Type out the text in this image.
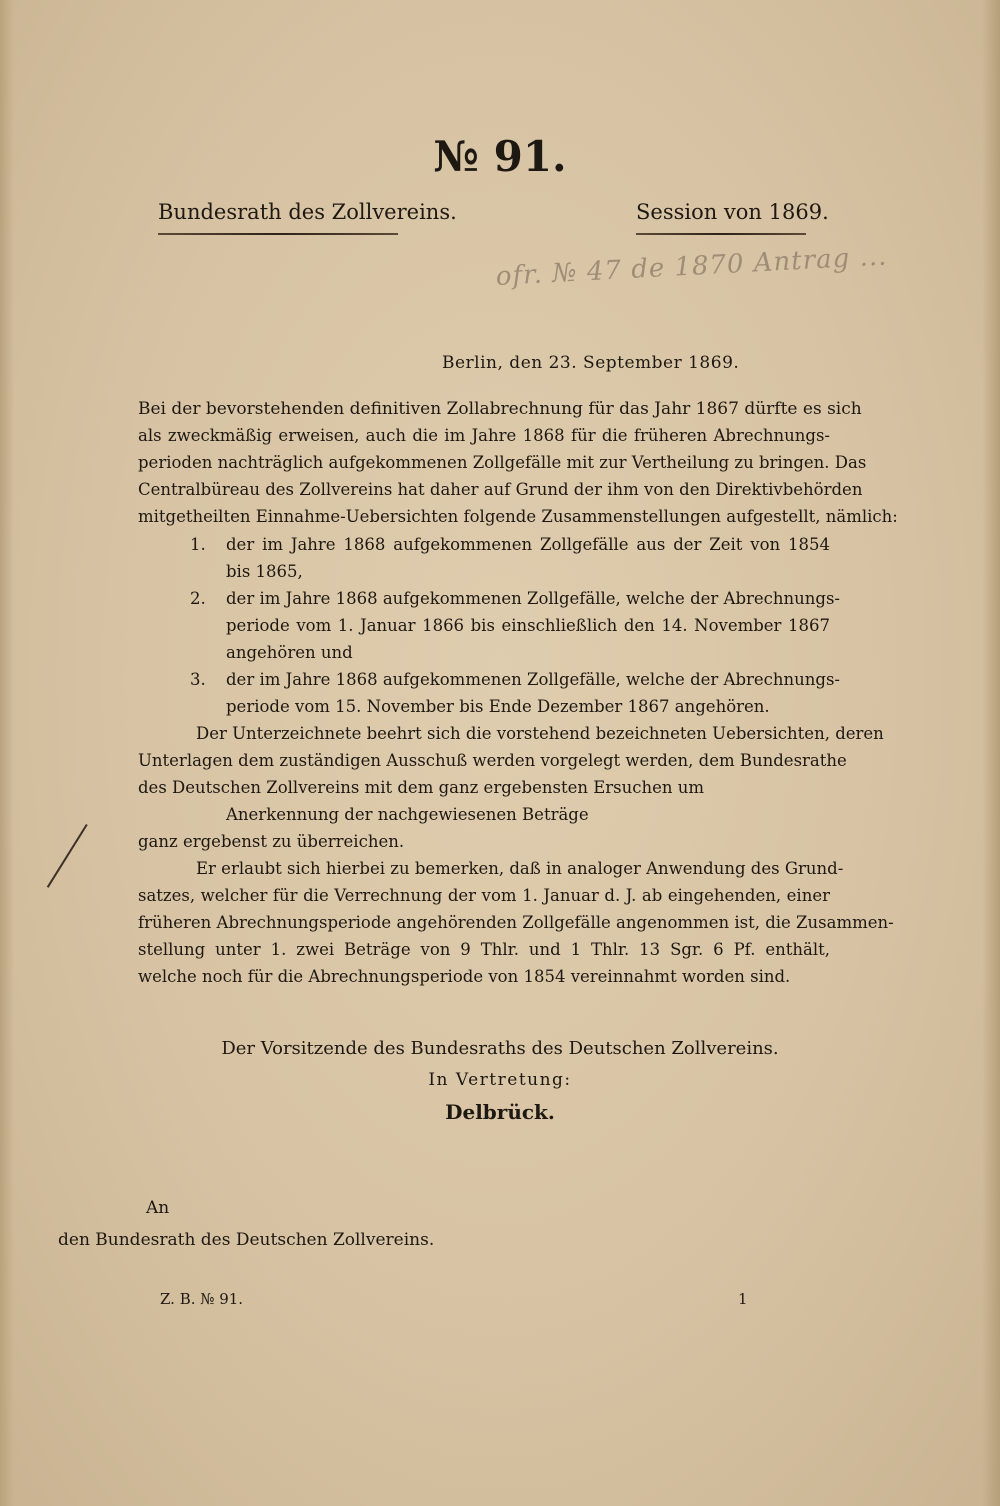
№ 91.
Bundesrath des Zollvereins.	Session von 1869.
ofr. № 47 de 1870 Antrag ...
Berlin, den 23. September 1869.
Bei der bevorstehenden definitiven Zollabrechnung für das Jahr 1867 dürfte es sich
als zweckmäßig erweisen, auch die im Jahre 1868 für die früheren Abrechnungs-
perioden nachträglich aufgekommenen Zollgefälle mit zur Vertheilung zu bringen. Das
Centralbüreau des Zollvereins hat daher auf Grund der ihm von den Direktivbehörden
mitgetheilten Einnahme-Uebersichten folgende Zusammenstellungen aufgestellt, nämlich:
1. der im Jahre 1868 aufgekommenen Zollgefälle aus der Zeit von 1854
bis 1865,
2. der im Jahre 1868 aufgekommenen Zollgefälle, welche der Abrechnungs-
periode vom 1. Januar 1866 bis einschließlich den 14. November 1867
angehören und
3. der im Jahre 1868 aufgekommenen Zollgefälle, welche der Abrechnungs-
periode vom 15. November bis Ende Dezember 1867 angehören.
Der Unterzeichnete beehrt sich die vorstehend bezeichneten Uebersichten, deren
Unterlagen dem zuständigen Ausschuß werden vorgelegt werden, dem Bundesrathe
des Deutschen Zollvereins mit dem ganz ergebensten Ersuchen um
Anerkennung der nachgewiesenen Beträge
ganz ergebenst zu überreichen.
Er erlaubt sich hierbei zu bemerken, daß in analoger Anwendung des Grund-
satzes, welcher für die Verrechnung der vom 1. Januar d. J. ab eingehenden, einer
früheren Abrechnungsperiode angehörenden Zollgefälle angenommen ist, die Zusammen-
stellung unter 1. zwei Beträge von 9 Thlr. und 1 Thlr. 13 Sgr. 6 Pf. enthält,
welche noch für die Abrechnungsperiode von 1854 vereinnahmt worden sind.
Der Vorsitzende des Bundesraths des Deutschen Zollvereins.
In Vertretung:
Delbrück.
An
den Bundesrath des Deutschen Zollvereins.
Z. B. № 91.	1
